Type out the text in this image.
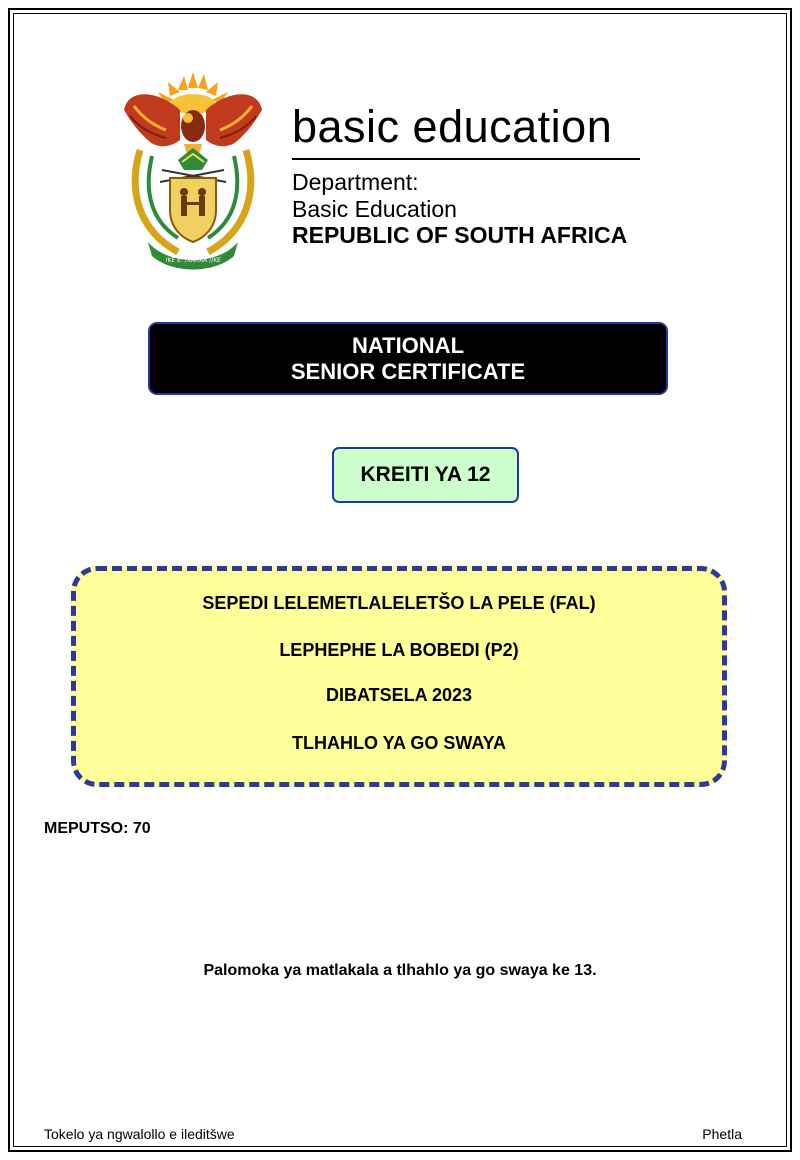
!KE E: /XARRA //KE
basic education
Department:
Basic Education
REPUBLIC OF SOUTH AFRICA
NATIONAL
SENIOR CERTIFICATE
KREITI YA 12
SEPEDI LELEMETLALELETŠO LA PELE (FAL)
LEPHEPHE LA BOBEDI (P2)
DIBATSELA 2023
TLHAHLO YA GO SWAYA
MEPUTSO: 70
Palomoka ya matlakala a tlhahlo ya go swaya ke 13.
Tokelo ya ngwalollo e ileditšwe	Phetla
